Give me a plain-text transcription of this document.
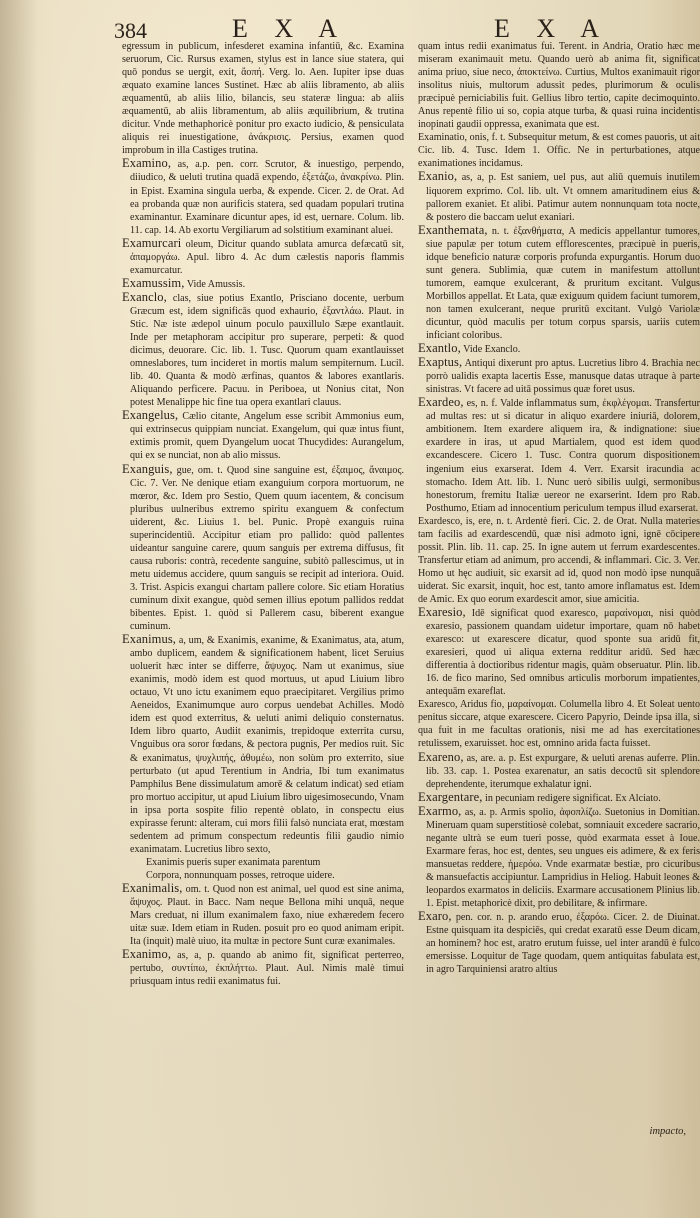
384	E X A	E X A

egressum in publicum, infesderet examina infantiū, &c. Examina seruorum, Cic. Rursus examen, stylus est in lance siue statera, qui quō pondus se uergit, exit, ἄοπή. Verg. lo. Aen. Iupiter ipse duas æquato examine lances Sustinet. Hæc ab aliis libramento, ab aliis æquamentū, ab aliis lilio, bilancis, seu stateræ lingua: ab aliis æquamentū, ab aliis libramentum, ab aliis æquilibrium, & trutina dicitur. Vnde methaphoricè ponitur pro exacto iudicio, & pensiculata aliquis rei inuestigatione, ἀνάκρισις. Persius, examen quod improbum in illa Castiges trutina.

Examino, as, a.p. pen. corr. Scrutor, & inuestigo, perpendo, diiudico, & ueluti trutina quadā expendo, ἐξετάζω, ἀνακρίνω. Plin. in Epist. Examina singula uerba, & expende. Cicer. 2. de Orat. Ad ea probanda quæ non aurificis statera, sed quadam populari trutina examinantur. Examinare dicuntur apes, id est, uernare. Colum. lib. 11. cap. 14. Ab exortu Vergiliarum ad solstitium examinant aluei.

Examurcari oleum, Dicitur quando sublata amurca defæcatū sit, ἀπαμοργάω. Apul. libro 4. Ac dum cælestis naporis flammis examurcatur.

Examussim, Vide Amussis.

Exanclo, clas, siue potius Exantlo, Prisciano docente, uerbum Græcum est, idem significās quod exhaurio, ἐξαντλάω. Plaut. in Stic. Næ iste ædepol uinum poculo pauxillulo Sæpe exantlauit. Inde per metaphoram accipitur pro superare, perpeti: & quod dicimus, deuorare. Cic. lib. 1. Tusc. Quorum quam exantlauisset omneslabores, tum incideret in mortis malum sempiternum. Lucil. lib. 40. Quanta & modò ærfinas, quantos & labores exantlaris. Aliquando perficere. Pacuu. in Periboea, ut Nonius citat, Non potest Menalippe hic fine tua opera exantlari clauus.

Exangelus, Cælio citante, Angelum esse scribit Ammonius eum, qui extrinsecus quippiam nunciat. Exangelum, qui quæ intus fiunt, extimis promit, quem Dyangelum uocat Thucydides: Aurangelum, qui ex se nunciat, non ab alio missus.

Exanguis, gue, om. t. Quod sine sanguine est, ἐξαιμος, ἄναιμος. Cic. 7. Ver. Ne denique etiam exanguium corpora mortuorum, ne mœror, &c. Idem pro Sestio, Quem quum iacentem, & concisum pluribus uulneribus extremo spiritu exanguem & confectum uiderent, &c. Liuius 1. bel. Punic. Propè exanguis ruina superincidentiū. Accipitur etiam pro pallido: quòd pallentes uideantur sanguine carere, quum sanguis per extrema diffusus, fit causa ruboris: contrà, recedente sanguine, subitò pallescimus, ut in metu uidemus accidere, quum sanguis se recipit ad interiora. Ouid. 3. Trist. Aspicis exangui chartam pallere colore. Sic etiam Horatius cuminum dixit exangue, quòd semen illius epotum pallidos reddat bibentes. Epist. 1. quòd si Pallerem casu, biberent exangue cuminum.

Exanimus, a, um, & Exanimis, exanime, & Exanimatus, ata, atum, ambo duplicem, eandem & significationem habent, licet Seruius uoluerit hæc inter se differre, ἄψυχος. Nam ut exanimus, siue exanimis, modò idem est quod mortuus, ut apud Liuium libro octauo, Vt uno ictu exanimem equo praecipitaret. Vergilius primo Aeneidos, Exanimumque auro corpus uendebat Achilles. Modò idem est quod exterritus, & ueluti animi deliquio consternatus. Idem libro quarto, Audiit exanimis, trepidoque exterrita cursu, Vnguibus ora soror fœdans, & pectora pugnis, Per medios ruit. Sic & exanimatus, ψυχλιπής, ἀθυμέω, non solùm pro exterrito, siue perturbato (ut apud Terentium in Andria, Ibi tum exanimatus Pamphilus Bene dissimulatum amorē & celatum indicat) sed etiam pro mortuo accipitur, ut apud Liuium libro uigesimosecundo, Vnam in ipsa porta sospite filio repentè oblato, in conspectu eius expirasse ferunt: alteram, cui mors filii falsò nunciata erat, mœstam sedentem ad primum conspectum redeuntis filii gaudio nimio exanimatam. Lucretius libro sexto,

Exanimis pueris super exanimata parentum

Corpora, nonnunquam posses, retroque uidere.

Exanimalis, om. t. Quod non est animal, uel quod est sine anima, ἄψυχος. Plaut. in Bacc. Nam neque Bellona mihi unquā, neque Mars creduat, ni illum exanimalem faxo, niue exhæredem fecero uitæ suæ. Idem etiam in Ruden. posuit pro eo quod animam eripit. Ita (inquit) malè uiuo, ita multæ in pectore Sunt curæ exanimales.

Exanimo, as, a, p. quando ab animo fit, significat perterreo, pertubo, συντίπω, ἐκπλήττω. Plaut. Aul. Nimis malè timui priusquam intus redii exanimatus fui.

quam intus redii exanimatus fui. Terent. in Andria, Oratio hæc me miseram exanimauit metu. Quando uerò ab anima fit, significat anima priuo, siue neco, ἀποκτείνω. Curtius, Multos exanimauit rigor insolitus niuis, multorum adussit pedes, plurimorum & oculis præcipuè perniciabilis fuit. Gellius libro tertio, capite decimoquinto. Anus repentè filio ui so, copia atque turba, & quasi ruina incidentis inopinati gaudii oppressa, exanimata que est.

Examinatio, onis, f. t. Subsequitur metum, & est comes pauoris, ut ait Cic. lib. 4. Tusc. Idem 1. Offic. Ne in perturbationes, atque exanimationes incidamus.

Exanio, as, a, p. Est saniem, uel pus, aut aliū quemuis inutilem liquorem exprimo. Col. lib. ult. Vt omnem amaritudinem eius & pallorem exaniet. Et alibi. Patimur autem nonnunquam tota nocte, & postero die baccam uelut exaniari.

Exanthemata, n. t. ἐξανθήματα, A medicis appellantur tumores, siue papulæ per totum cutem efflorescentes, præcipuè in pueris, idque beneficio naturæ corporis profunda expurgantis. Horum duo sunt genera. Sublimia, quæ cutem in manifestum attollunt tumorem, eamque exulcerant, & pruritum excitant. Vulgus Morbillos appellat. Et Lata, quæ exiguum quidem faciunt tumorem, non tamen exulcerant, neque pruritū excitant. Vulgò Variolæ dicuntur, quòd maculis per totum corpus sparsis, uariis cutem inficiant coloribus.

Exantlo, Vide Exanclo.

Exaptus, Antiqui dixerunt pro aptus. Lucretius libro 4. Brachia nec porrò ualidis exapta lacertis Esse, manusque datas utraque à parte sinistras. Vt facere ad uitā possimus quæ foret usus.

Exardeo, es, n. f. Valde inflammatus sum, ἐκφλέγομαι. Transfertur ad multas res: ut si dicatur in aliquo exardere iniuriā, dolorem, ambitionem. Item exardere aliquem ira, & indignatione: siue exardere in iras, ut apud Martialem, quod est idem quod excandescere. Cicero 1. Tusc. Contra quorum dispositionem ingenium eius exarserat. Idem 4. Verr. Exarsit iracundia ac stomacho. Idem Att. lib. 1. Nunc uerò sibilis uulgi, sermonibus honestorum, fremitu Italiæ uereor ne exarserint. Idem pro Rab. Posthumo, Etiam ad innocentium periculum tempus illud exarserat.

Exardesco, is, ere, n. t. Ardentè fieri. Cic. 2. de Orat. Nulla materies tam facilis ad exardescendū, quæ nisi admoto igni, ignē cōcipere possit. Plin. lib. 11. cap. 25. In igne autem ut ferrum exardescentes. Transfertur etiam ad animum, pro accendi, & inflammari. Cic. 3. Ver. Homo ut hęc audiuit, sic exarsit ad id, quod non modò ipse nunquā uiderat. Sic exarsit, inquit, hoc est, tanto amore inflamatus est. Idem de Amic. Ex quo eorum exardescit amor, siue amicitia.

Exaresio, Idē significat quod exaresco, μαραίνομαι, nisi quòd exaresio, passionem quandam uidetur importare, quam nō habet exaresco: ut exarescere dicatur, quod sponte sua aridū fit, exaresieri, quod ui aliqua externa redditur aridū. Sed hæc differentia à doctioribus ridentur magis, quàm obseruatur. Plin. lib. 16. de fico marino, Sed omnibus articulis morborum impatientes, antequām exareflat.

Exaresco, Aridus fio, μαραίνομαι. Columella libro 4. Et Soleat uento penitus siccare, atque exarescere. Cicero Papyrio, Deinde ipsa illa, si qua fuit in me facultas orationis, nisi me ad has exercitationes retulissem, exaruisset. hoc est, omnino arida facta fuisset.

Exareno, as, are. a. p. Est expurgare, & ueluti arenas auferre. Plin. lib. 33. cap. 1. Postea exarenatur, an satis decoctū sit splendore deprehendente, iterumque exhalatur igni.

Exargentare, in pecuniam redigere significat. Ex Alciato.

Exarmo, as, a. p. Armis spolio, ἀφοπλίζω. Suetonius in Domitian. Mineruam quam superstitiosè colebat, somniauit excedere sacrario, negante ultrà se eum tueri posse, quòd exarmata esset à Ioue. Exarmare feras, hoc est, dentes, seu ungues eis adimere, & ex feris mansuetas reddere, ἡμερόω. Vnde exarmatæ bestiæ, pro cicuribus & mansuefactis accipiuntur. Lampridius in Heliog. Habuit leones & leopardos exarmatos in deliciis. Exarmare accusationem Plinius lib. 1. Epist. metaphoricè dixit, pro debilitare, & infirmare.

Exaro, pen. cor. n. p. arando eruo, ἐξαρόω. Cicer. 2. de Diuinat. Estne quisquam ita despiciēs, qui credat exaratū esse Deum dicam, an hominem? hoc est, aratro erutum fuisse, uel inter arandū è fulco emersisse. Loquitur de Tage quodam, quem antiquitas fabulata est, in agro Tarquiniensi aratro altius

impacto,
